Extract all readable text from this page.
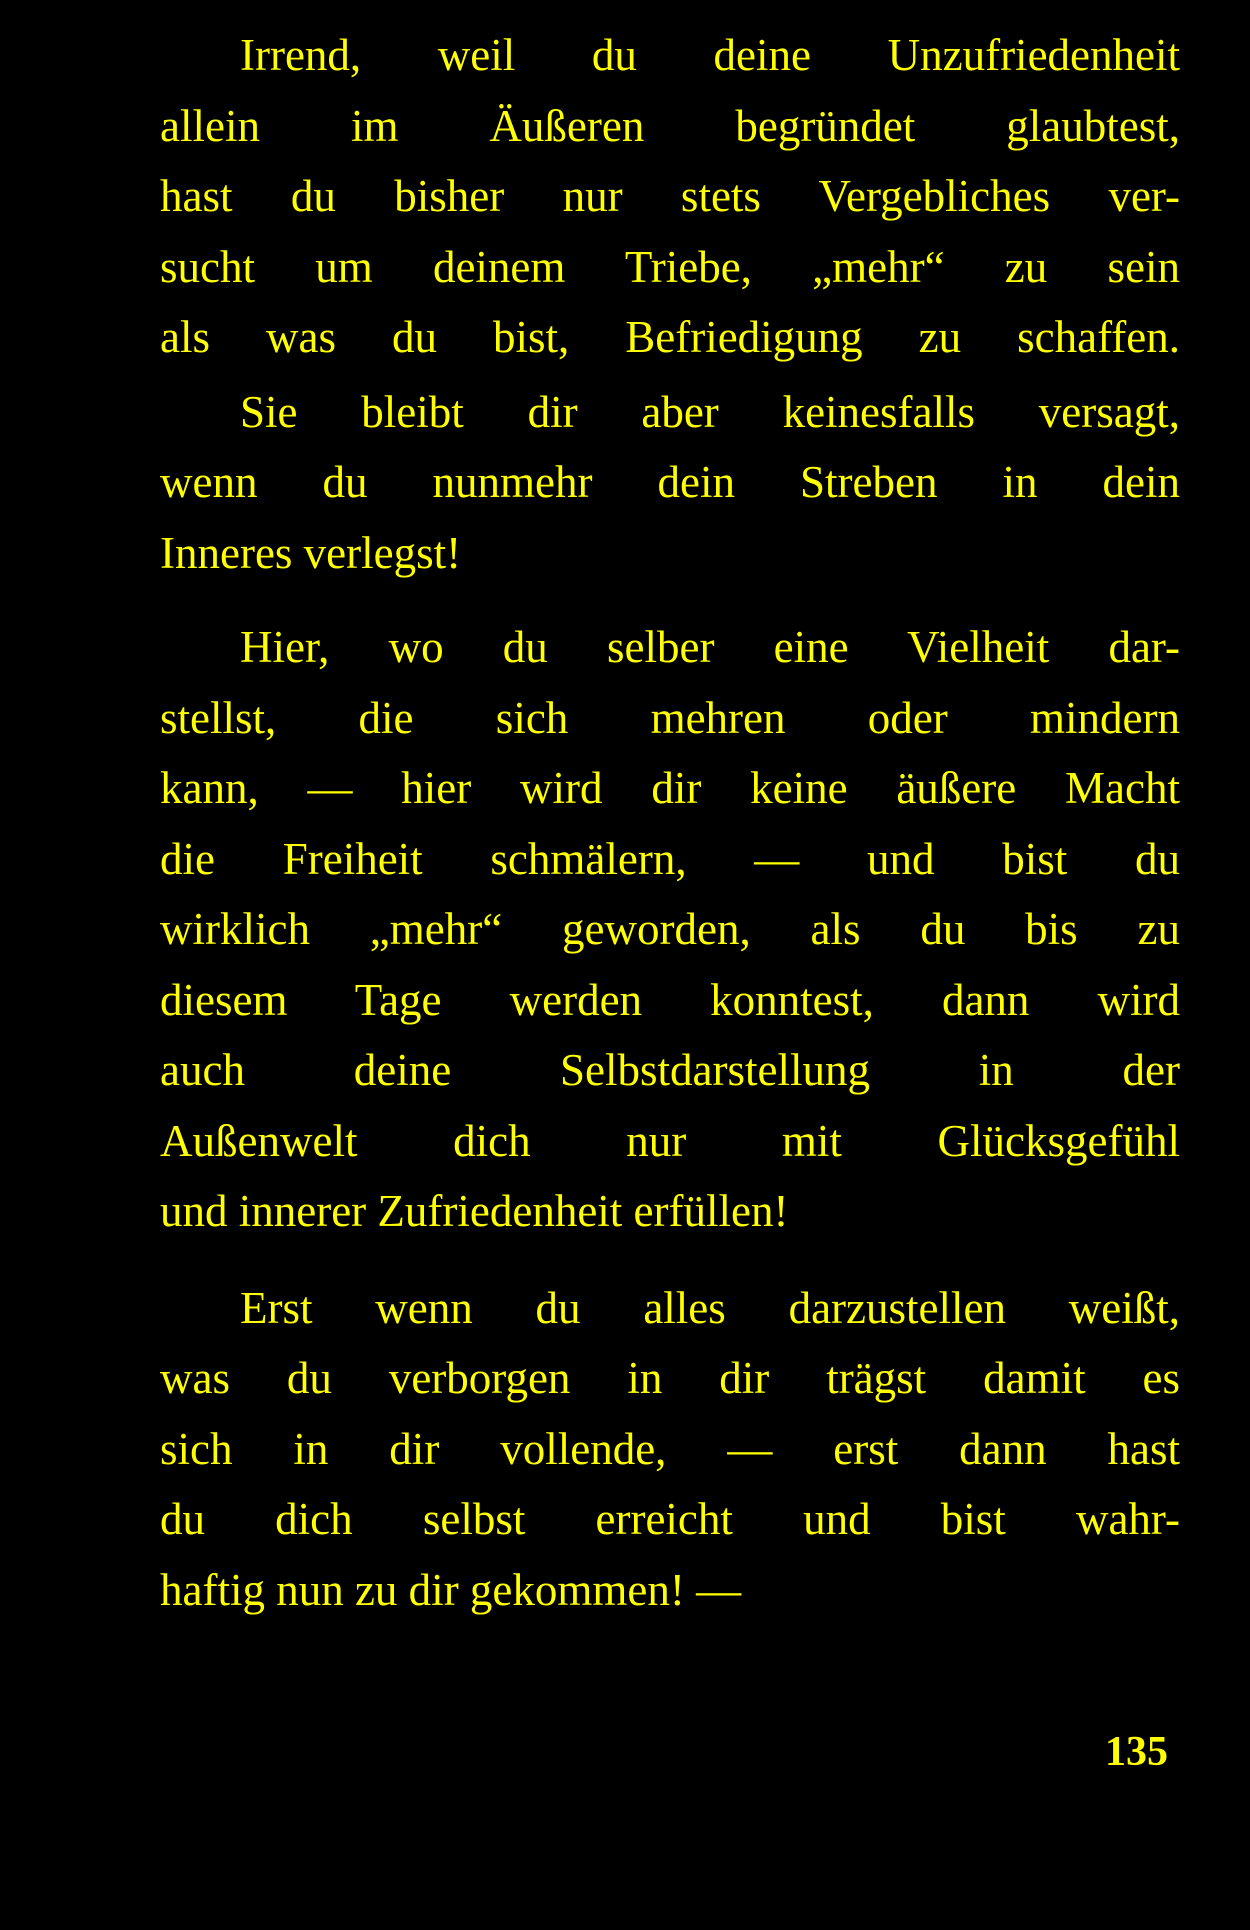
Irrend, weil du deine Unzufriedenheit
allein im Äußeren begründet glaubtest,
hast du bisher nur stets Vergebliches ver-
sucht um deinem Triebe, „mehr“ zu sein
als was du bist, Befriedigung zu schaffen.
Sie bleibt dir aber keinesfalls versagt,
wenn du nunmehr dein Streben in dein
Inneres verlegst!
Hier, wo du selber eine Vielheit dar-
stellst, die sich mehren oder mindern
kann, — hier wird dir keine äußere Macht
die Freiheit schmälern, — und bist du
wirklich „mehr“ geworden, als du bis zu
diesem Tage werden konntest, dann wird
auch deine Selbstdarstellung in der
Außenwelt dich nur mit Glücksgefühl
und innerer Zufriedenheit erfüllen!
Erst wenn du alles darzustellen weißt,
was du verborgen in dir trägst damit es
sich in dir vollende, — erst dann hast
du dich selbst erreicht und bist wahr-
haftig nun zu dir gekommen! —
135
